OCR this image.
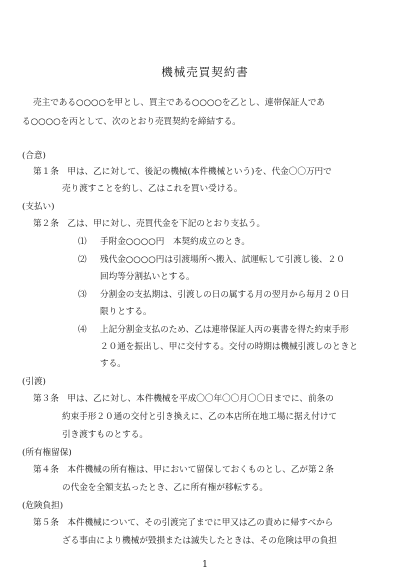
機械売買契約書
売主である○○○○を甲とし、買主である○○○○を乙とし、連帯保証人であ
る○○○○を丙として、次のとおり売買契約を締結する。
(合意)
第１条　甲は、乙に対して、後記の機械(本件機械という)を、代金〇〇万円で
売り渡すことを約し、乙はこれを買い受ける。
(支払い)
第２条　乙は、甲に対し、売買代金を下記のとおり支払う。
⑴ 手附金○○○○円　本契約成立のとき。
⑵ 残代金○○○○円は引渡場所へ搬入、試運転して引渡し後、２０
回均等分割払いとする。
⑶ 分割金の支払期は、引渡しの日の属する月の翌月から毎月２０日
限りとする。
⑷ 上記分割金支払のため、乙は連帯保証人丙の裏書を得た約束手形
２０通を振出し、甲に交付する。交付の時期は機械引渡しのときと
する。
(引渡)
第３条　甲は、乙に対し、本件機械を平成〇〇年〇〇月〇〇日までに、前条の
約束手形２０通の交付と引き換えに、乙の本店所在地工場に据え付けて
引き渡すものとする。
(所有権留保)
第４条　本件機械の所有権は、甲において留保しておくものとし、乙が第２条
の代金を全額支払ったとき、乙に所有権が移転する。
(危険負担)
第５条　本件機械について、その引渡完了までに甲又は乙の責めに帰すべから
ざる事由により機械が毀損または滅失したときは、その危険は甲の負担
1
